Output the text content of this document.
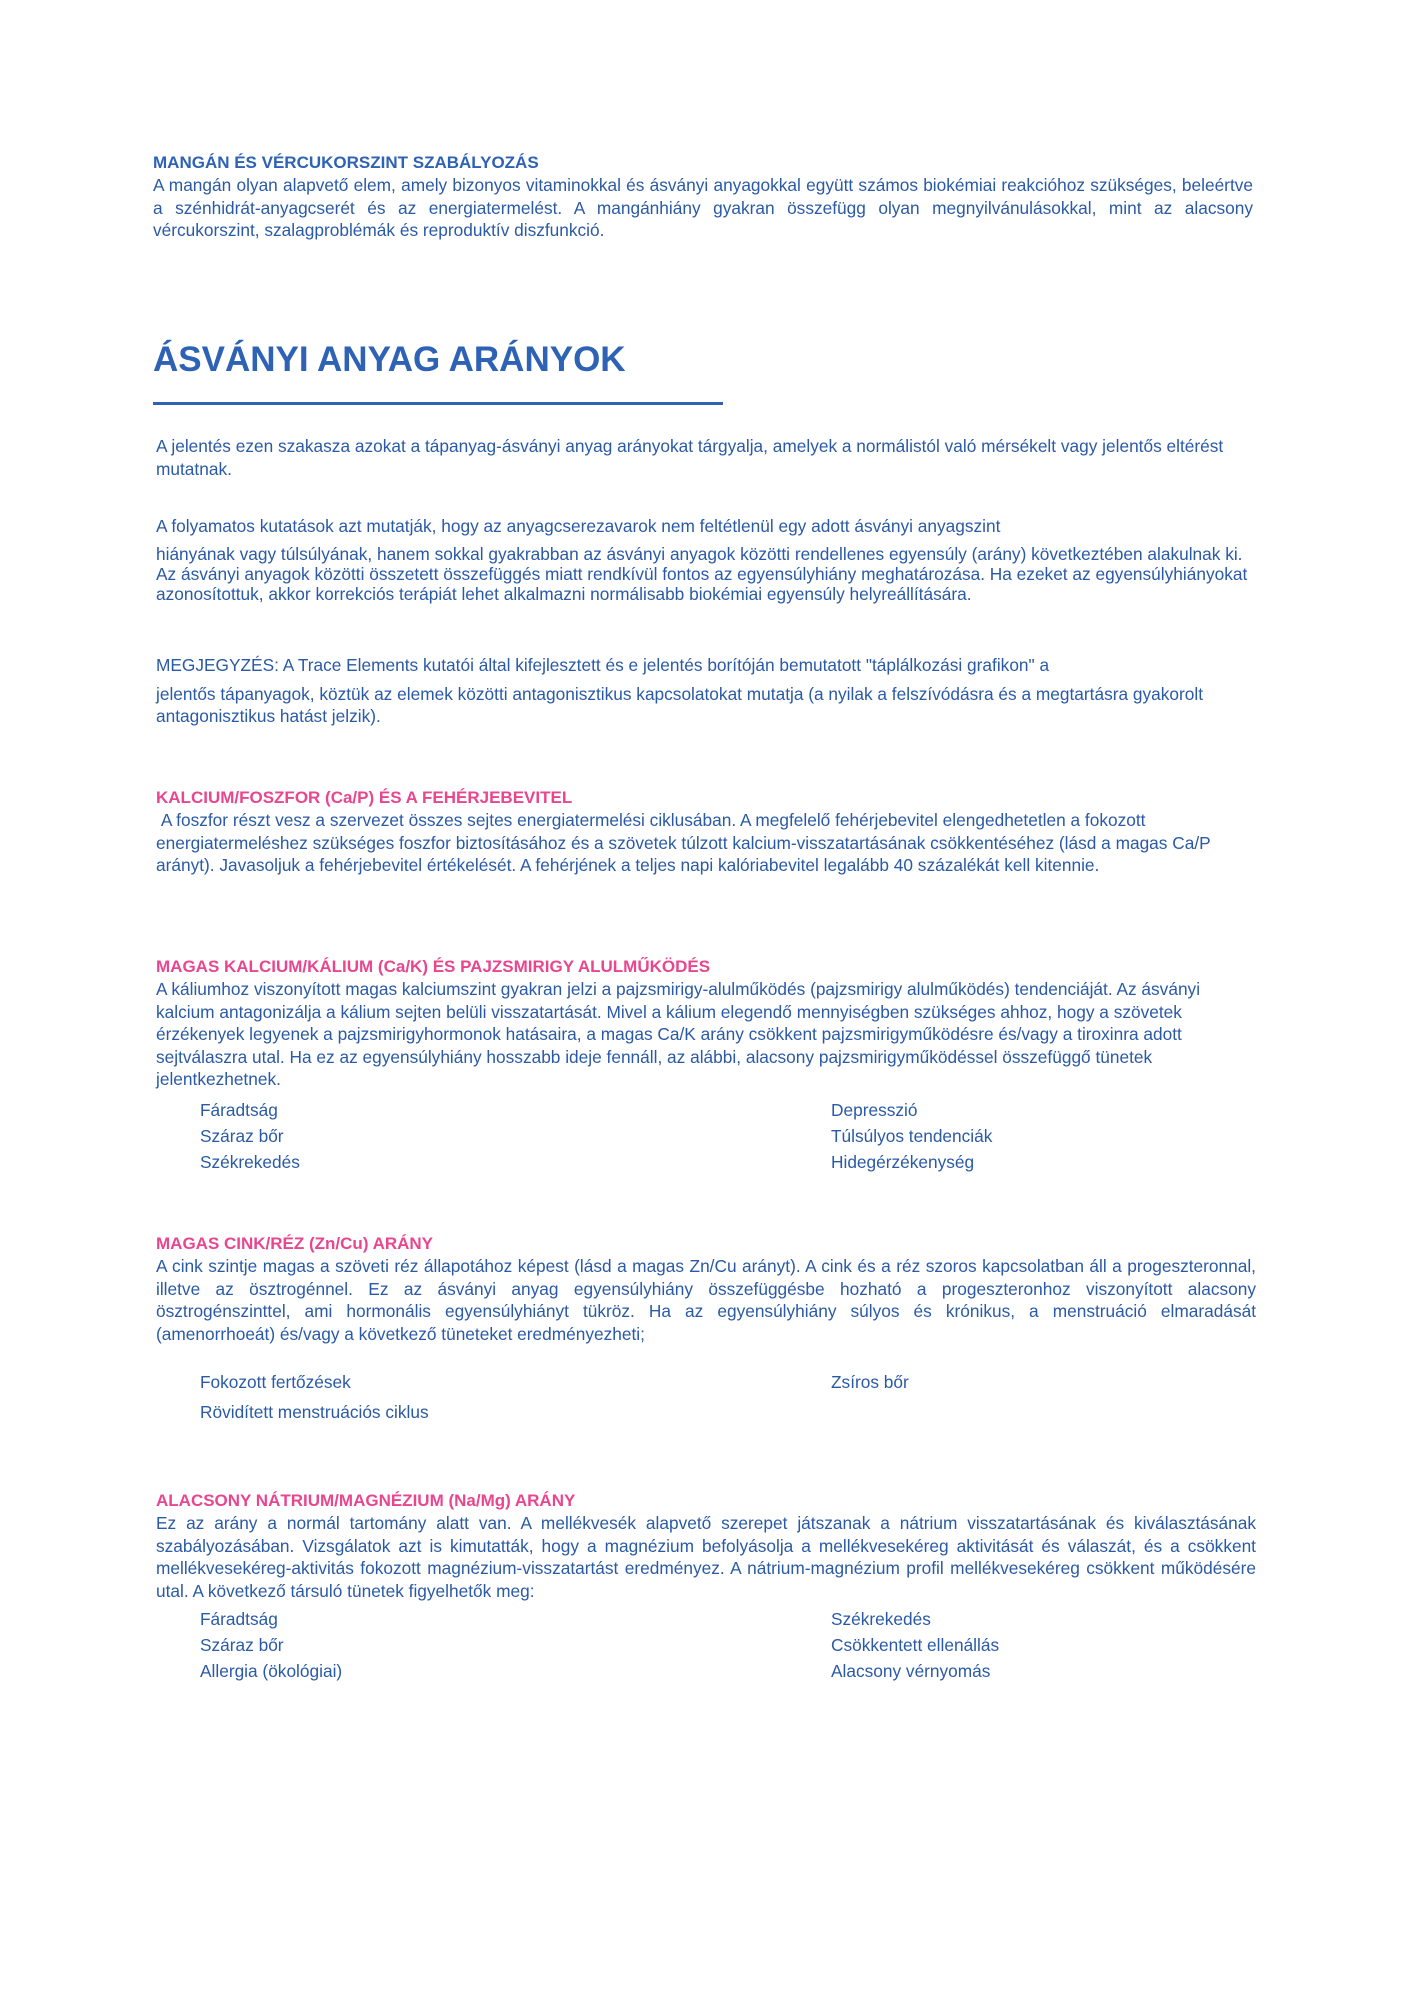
MANGÁN ÉS VÉRCUKORSZINT SZABÁLYOZÁS

A mangán olyan alapvető elem, amely bizonyos vitaminokkal és ásványi anyagokkal együtt számos biokémiai reakcióhoz szükséges, beleértve a szénhidrát-anyagcserét és az energiatermelést. A mangánhiány gyakran összefügg olyan megnyilvánulásokkal, mint az alacsony vércukorszint, szalagproblémák és reproduktív diszfunkció.

ÁSVÁNYI ANYAG ARÁNYOK

A jelentés ezen szakasza azokat a tápanyag-ásványi anyag arányokat tárgyalja, amelyek a normálistól való mérsékelt vagy jelentős eltérést mutatnak.

A folyamatos kutatások azt mutatják, hogy az anyagcserezavarok nem feltétlenül egy adott ásványi anyagszint

hiányának vagy túlsúlyának, hanem sokkal gyakrabban az ásványi anyagok közötti rendellenes egyensúly (arány) következtében alakulnak ki. Az ásványi anyagok közötti összetett összefüggés miatt rendkívül fontos az egyensúlyhiány meghatározása. Ha ezeket az egyensúlyhiányokat azonosítottuk, akkor korrekciós terápiát lehet alkalmazni normálisabb biokémiai egyensúly helyreállítására.

MEGJEGYZÉS: A Trace Elements kutatói által kifejlesztett és e jelentés borítóján bemutatott "táplálkozási grafikon" a

jelentős tápanyagok, köztük az elemek közötti antagonisztikus kapcsolatokat mutatja (a nyilak a felszívódásra és a megtartásra gyakorolt antagonisztikus hatást jelzik).

KALCIUM/FOSZFOR (Ca/P) ÉS A FEHÉRJEBEVITEL

A foszfor részt vesz a szervezet összes sejtes energiatermelési ciklusában. A megfelelő fehérjebevitel elengedhetetlen a fokozott energiatermeléshez szükséges foszfor biztosításához és a szövetek túlzott kalcium-visszatartásának csökkentéséhez (lásd a magas Ca/P arányt). Javasoljuk a fehérjebevitel értékelését. A fehérjének a teljes napi kalóriabevitel legalább 40 százalékát kell kitennie.

MAGAS KALCIUM/KÁLIUM (Ca/K) ÉS PAJZSMIRIGY ALULMŰKÖDÉS

A káliumhoz viszonyított magas kalciumszint gyakran jelzi a pajzsmirigy-alulműködés (pajzsmirigy alulműködés) tendenciáját. Az ásványi kalcium antagonizálja a kálium sejten belüli visszatartását. Mivel a kálium elegendő mennyiségben szükséges ahhoz, hogy a szövetek érzékenyek legyenek a pajzsmirigyhormonok hatásaira, a magas Ca/K arány csökkent pajzsmirigyműködésre és/vagy a tiroxinra adott sejtválaszra utal. Ha ez az egyensúlyhiány hosszabb ideje fennáll, az alábbi, alacsony pajzsmirigyműködéssel összefüggő tünetek jelentkezhetnek.

Fáradtság
Száraz bőr
Székrekedés
Depresszió
Túlsúlyos tendenciák
Hidegérzékenység
MAGAS CINK/RÉZ (Zn/Cu) ARÁNY

A cink szintje magas a szöveti réz állapotához képest (lásd a magas Zn/Cu arányt). A cink és a réz szoros kapcsolatban áll a progeszteronnal, illetve az ösztrogénnel. Ez az ásványi anyag egyensúlyhiány összefüggésbe hozható a progeszteronhoz viszonyított alacsony ösztrogénszinttel, ami hormonális egyensúlyhiányt tükröz. Ha az egyensúlyhiány súlyos és krónikus, a menstruáció elmaradását (amenorrhoeát) és/vagy a következő tüneteket eredményezheti;

Fokozott fertőzések
Rövidített menstruációs ciklus
Zsíros bőr
ALACSONY NÁTRIUM/MAGNÉZIUM (Na/Mg) ARÁNY

Ez az arány a normál tartomány alatt van. A mellékvesék alapvető szerepet játszanak a nátrium visszatartásának és kiválasztásának szabályozásában. Vizsgálatok azt is kimutatták, hogy a magnézium befolyásolja a mellékvesekéreg aktivitását és válaszát, és a csökkent mellékvesekéreg-aktivitás fokozott magnézium-visszatartást eredményez. A nátrium-magnézium profil mellékvesekéreg csökkent működésére utal. A következő társuló tünetek figyelhetők meg:

Fáradtság
Száraz bőr
Allergia (ökológiai)
Székrekedés
Csökkentett ellenállás
Alacsony vérnyomás
